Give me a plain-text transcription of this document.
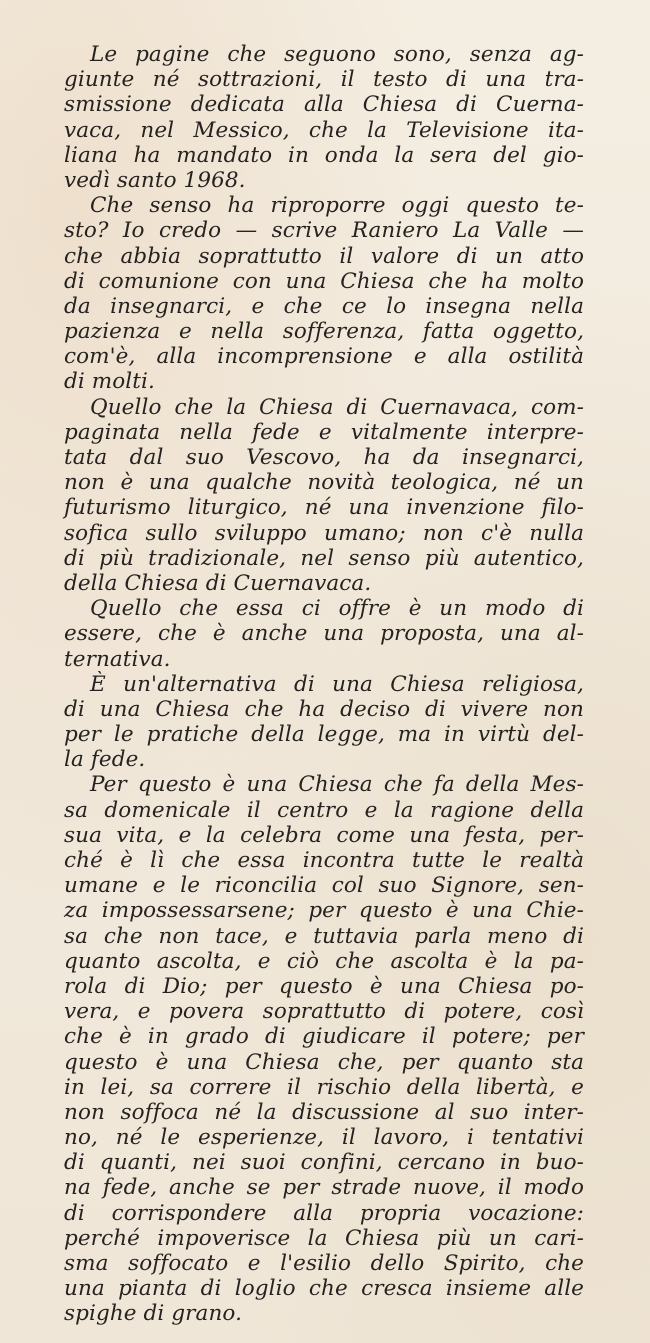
Le pagine che seguono sono, senza ag-
giunte né sottrazioni, il testo di una tra-
smissione dedicata alla Chiesa di Cuerna-
vaca, nel Messico, che la Televisione ita-
liana ha mandato in onda la sera del gio-
vedì santo 1968.
Che senso ha riproporre oggi questo te-
sto? Io credo — scrive Raniero La Valle —
che abbia soprattutto il valore di un atto
di comunione con una Chiesa che ha molto
da insegnarci, e che ce lo insegna nella
pazienza e nella sofferenza, fatta oggetto,
com'è, alla incomprensione e alla ostilità
di molti.
Quello che la Chiesa di Cuernavaca, com-
paginata nella fede e vitalmente interpre-
tata dal suo Vescovo, ha da insegnarci,
non è una qualche novità teologica, né un
futurismo liturgico, né una invenzione filo-
sofica sullo sviluppo umano; non c'è nulla
di più tradizionale, nel senso più autentico,
della Chiesa di Cuernavaca.
Quello che essa ci offre è un modo di
essere, che è anche una proposta, una al-
ternativa.
È un'alternativa di una Chiesa religiosa,
di una Chiesa che ha deciso di vivere non
per le pratiche della legge, ma in virtù del-
la fede.
Per questo è una Chiesa che fa della Mes-
sa domenicale il centro e la ragione della
sua vita, e la celebra come una festa, per-
ché è lì che essa incontra tutte le realtà
umane e le riconcilia col suo Signore, sen-
za impossessarsene; per questo è una Chie-
sa che non tace, e tuttavia parla meno di
quanto ascolta, e ciò che ascolta è la pa-
rola di Dio; per questo è una Chiesa po-
vera, e povera soprattutto di potere, così
che è in grado di giudicare il potere; per
questo è una Chiesa che, per quanto sta
in lei, sa correre il rischio della libertà, e
non soffoca né la discussione al suo inter-
no, né le esperienze, il lavoro, i tentativi
di quanti, nei suoi confini, cercano in buo-
na fede, anche se per strade nuove, il modo
di corrispondere alla propria vocazione:
perché impoverisce la Chiesa più un cari-
sma soffocato e l'esilio dello Spirito, che
una pianta di loglio che cresca insieme alle
spighe di grano.
